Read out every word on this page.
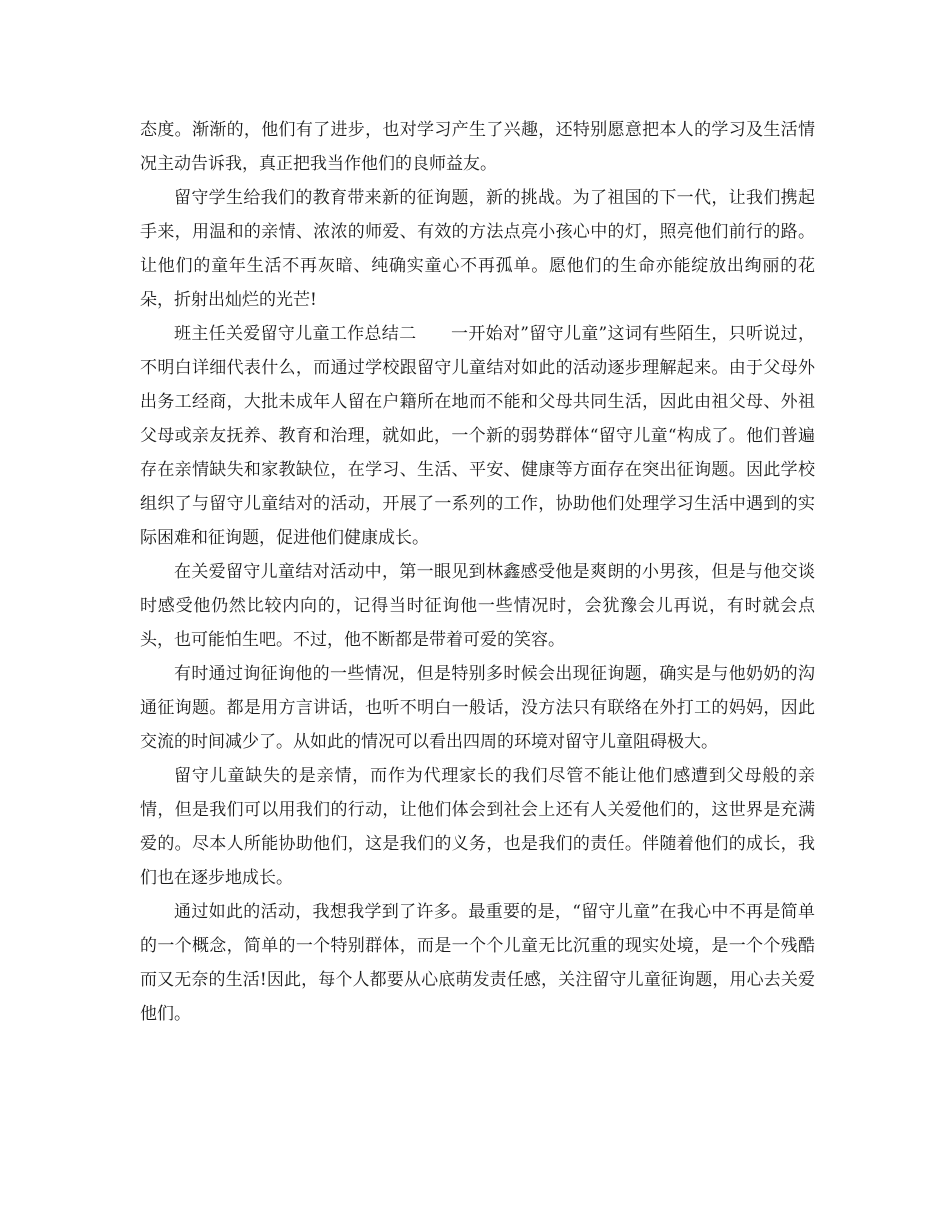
态度。渐渐的，他们有了进步，也对学习产生了兴趣，还特别愿意把本人的学习及生活情况主动告诉我，真正把我当作他们的良师益友。

留守学生给我们的教育带来新的征询题，新的挑战。为了祖国的下一代，让我们携起手来，用温和的亲情、浓浓的师爱、有效的方法点亮小孩心中的灯，照亮他们前行的路。让他们的童年生活不再灰暗、纯确实童心不再孤单。愿他们的生命亦能绽放出绚丽的花朵，折射出灿烂的光芒!

班主任关爱留守儿童工作总结二　　一开始对”留守儿童”这词有些陌生，只听说过，不明白详细代表什么，而通过学校跟留守儿童结对如此的活动逐步理解起来。由于父母外出务工经商，大批未成年人留在户籍所在地而不能和父母共同生活，因此由祖父母、外祖父母或亲友抚养、教育和治理，就如此，一个新的弱势群体“留守儿童“构成了。他们普遍存在亲情缺失和家教缺位，在学习、生活、平安、健康等方面存在突出征询题。因此学校组织了与留守儿童结对的活动，开展了一系列的工作，协助他们处理学习生活中遇到的实际困难和征询题，促进他们健康成长。

在关爱留守儿童结对活动中，第一眼见到林鑫感受他是爽朗的小男孩，但是与他交谈时感受他仍然比较内向的，记得当时征询他一些情况时，会犹豫会儿再说，有时就会点头，也可能怕生吧。不过，他不断都是带着可爱的笑容。

有时通过询征询他的一些情况，但是特别多时候会出现征询题，确实是与他奶奶的沟通征询题。都是用方言讲话，也听不明白一般话，没方法只有联络在外打工的妈妈，因此交流的时间减少了。从如此的情况可以看出四周的环境对留守儿童阻碍极大。

留守儿童缺失的是亲情，而作为代理家长的我们尽管不能让他们感遭到父母般的亲情，但是我们可以用我们的行动，让他们体会到社会上还有人关爱他们的，这世界是充满爱的。尽本人所能协助他们，这是我们的义务，也是我们的责任。伴随着他们的成长，我们也在逐步地成长。

通过如此的活动，我想我学到了许多。最重要的是，“留守儿童”在我心中不再是简单的一个概念，简单的一个特别群体，而是一个个儿童无比沉重的现实处境，是一个个残酷而又无奈的生活!因此，每个人都要从心底萌发责任感，关注留守儿童征询题，用心去关爱他们。
